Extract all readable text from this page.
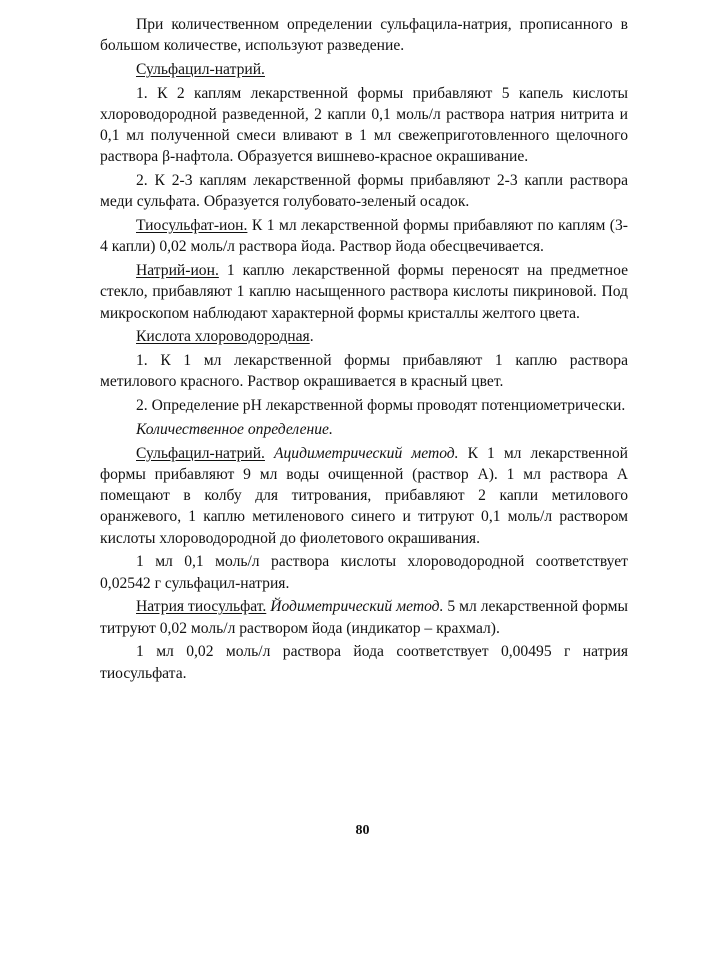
При количественном определении сульфацила-натрия, прописанного в большом количестве, используют разведение.

Сульфацил-натрий.

1. К 2 каплям лекарственной формы прибавляют 5 капель кислоты хлороводородной разведенной, 2 капли 0,1 моль/л раствора натрия нитрита и 0,1 мл полученной смеси вливают в 1 мл свежеприготовленного щелочного раствора β-нафтола. Образуется вишнево-красное окрашивание.

2. К 2-3 каплям лекарственной формы прибавляют 2-3 капли раствора меди сульфата. Образуется голубовато-зеленый осадок.

Тиосульфат-ион. К 1 мл лекарственной формы прибавляют по каплям (3-4 капли) 0,02 моль/л раствора йода. Раствор йода обесцвечивается.

Натрий-ион. 1 каплю лекарственной формы переносят на предметное стекло, прибавляют 1 каплю насыщенного раствора кислоты пикриновой. Под микроскопом наблюдают характерной формы кристаллы желтого цвета.

Кислота хлороводородная.

1. К 1 мл лекарственной формы прибавляют 1 каплю раствора метилового красного. Раствор окрашивается в красный цвет.

2. Определение рН лекарственной формы проводят потенциометрически.

Количественное определение.

Сульфацил-натрий. Ацидиметрический метод. К 1 мл лекарственной формы прибавляют 9 мл воды очищенной (раствор А). 1 мл раствора А помещают в колбу для титрования, прибавляют 2 капли метилового оранжевого, 1 каплю метиленового синего и титруют 0,1 моль/л раствором кислоты хлороводородной до фиолетового окрашивания.

1 мл 0,1 моль/л раствора кислоты хлороводородной соответствует 0,02542 г сульфацил-натрия.

Натрия тиосульфат. Йодиметрический метод. 5 мл лекарственной формы титруют 0,02 моль/л раствором йода (индикатор – крахмал).

1 мл 0,02 моль/л раствора йода соответствует 0,00495 г натрия тиосульфата.

80
